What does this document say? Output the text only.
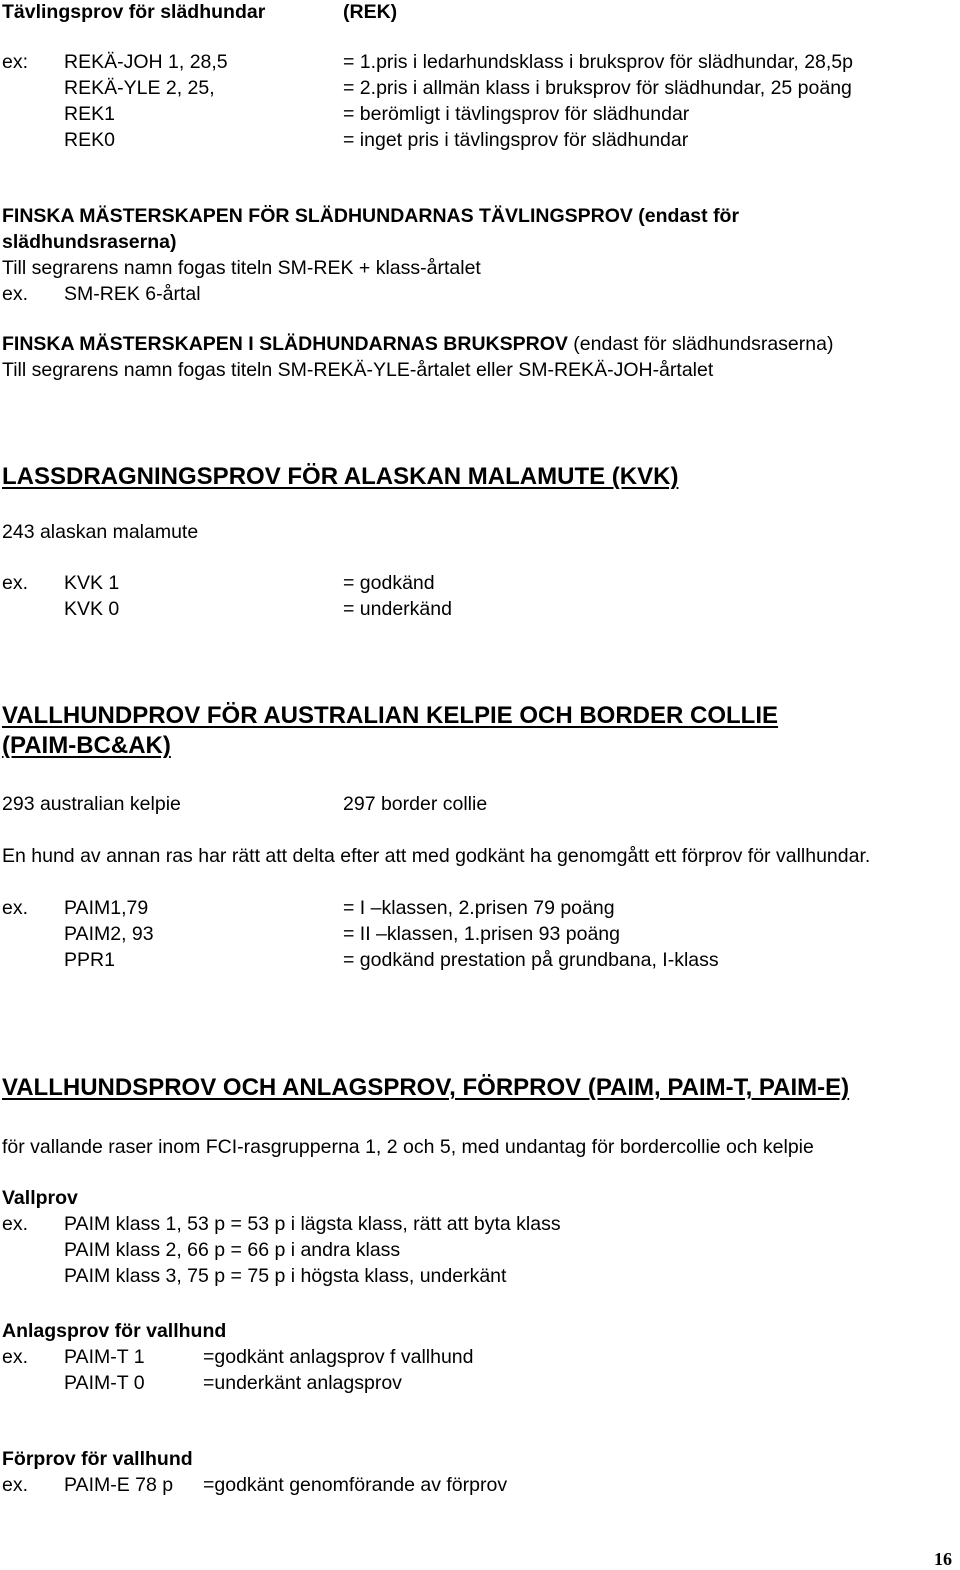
Tävlingsprov för slädhundar	(REK)
ex: REKÄ-JOH 1, 28,5	= 1.pris i ledarhundsklass i bruksprov för slädhundar, 28,5p
REKÄ-YLE 2, 25,	= 2.pris i allmän klass i bruksprov för slädhundar, 25 poäng
REK1	= berömligt i tävlingsprov för slädhundar
REK0	= inget pris i tävlingsprov för slädhundar
FINSKA MÄSTERSKAPEN FÖR SLÄDHUNDARNAS TÄVLINGSPROV (endast för
slädhundsraserna)
Till segrarens namn fogas titeln SM-REK + klass-årtalet
ex. SM-REK 6-årtal
FINSKA MÄSTERSKAPEN I SLÄDHUNDARNAS BRUKSPROV (endast för slädhundsraserna)
Till segrarens namn fogas titeln SM-REKÄ-YLE-årtalet eller SM-REKÄ-JOH-årtalet
LASSDRAGNINGSPROV FÖR ALASKAN MALAMUTE (KVK)
243 alaskan malamute
ex. KVK 1	= godkänd
KVK 0	= underkänd
VALLHUNDPROV FÖR AUSTRALIAN KELPIE OCH BORDER COLLIE
(PAIM-BC&AK)
293 australian kelpie	297 border collie
En hund av annan ras har rätt att delta efter att med godkänt ha genomgått ett förprov för vallhundar.
ex. PAIM1,79	= I –klassen, 2.prisen 79 poäng
PAIM2, 93	= II –klassen, 1.prisen 93 poäng
PPR1	= godkänd prestation på grundbana, I-klass
VALLHUNDSPROV OCH ANLAGSPROV, FÖRPROV (PAIM, PAIM-T, PAIM-E)
för vallande raser inom FCI-rasgrupperna 1, 2 och 5, med undantag för bordercollie och kelpie
Vallprov
ex. PAIM klass 1, 53 p = 53 p i lägsta klass, rätt att byta klass
PAIM klass 2, 66 p = 66 p i andra klass
PAIM klass 3, 75 p = 75 p i högsta klass, underkänt
Anlagsprov för vallhund
ex. PAIM-T 1	=godkänt anlagsprov f vallhund
PAIM-T 0	=underkänt anlagsprov
Förprov för vallhund
ex. PAIM-E 78 p =godkänt genomförande av förprov
16
